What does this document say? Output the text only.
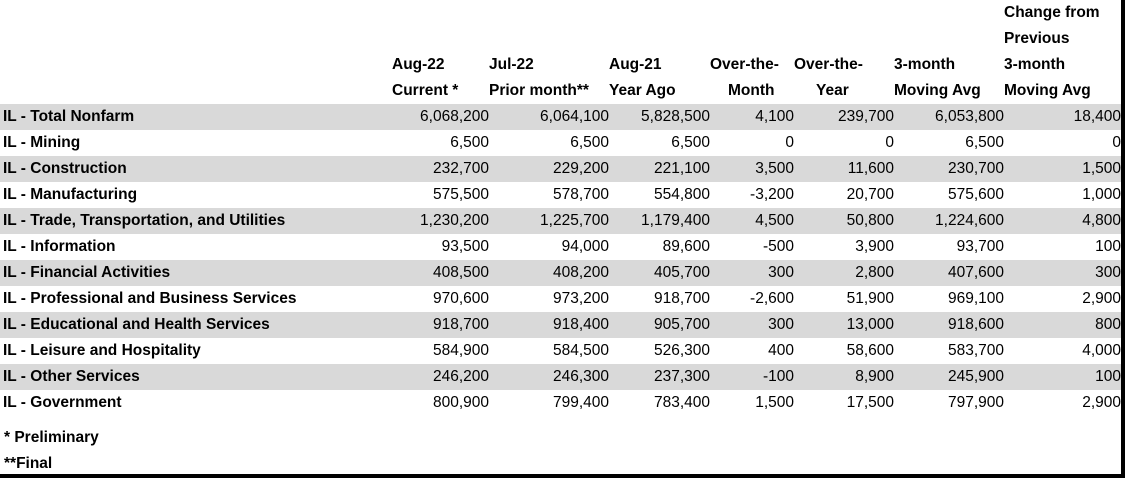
							Change from
							Previous
	Aug-22	Jul-22	Aug-21	Over-the-	Over-the-	3-month	3-month
	Current *	Prior month**	Year Ago	Month	Year	Moving Avg	Moving Avg
IL - Total Nonfarm	6,068,200	6,064,100	5,828,500	4,100	239,700	6,053,800	18,400
IL - Mining	6,500	6,500	6,500	0	0	6,500	0
IL - Construction	232,700	229,200	221,100	3,500	11,600	230,700	1,500
IL - Manufacturing	575,500	578,700	554,800	-3,200	20,700	575,600	1,000
IL - Trade, Transportation, and Utilities	1,230,200	1,225,700	1,179,400	4,500	50,800	1,224,600	4,800
IL - Information	93,500	94,000	89,600	-500	3,900	93,700	100
IL - Financial Activities	408,500	408,200	405,700	300	2,800	407,600	300
IL - Professional and Business Services	970,600	973,200	918,700	-2,600	51,900	969,100	2,900
IL - Educational and Health Services	918,700	918,400	905,700	300	13,000	918,600	800
IL - Leisure and Hospitality	584,900	584,500	526,300	400	58,600	583,700	4,000
IL - Other Services	246,200	246,300	237,300	-100	8,900	245,900	100
IL - Government	800,900	799,400	783,400	1,500	17,500	797,900	2,900
* Preliminary
**Final
